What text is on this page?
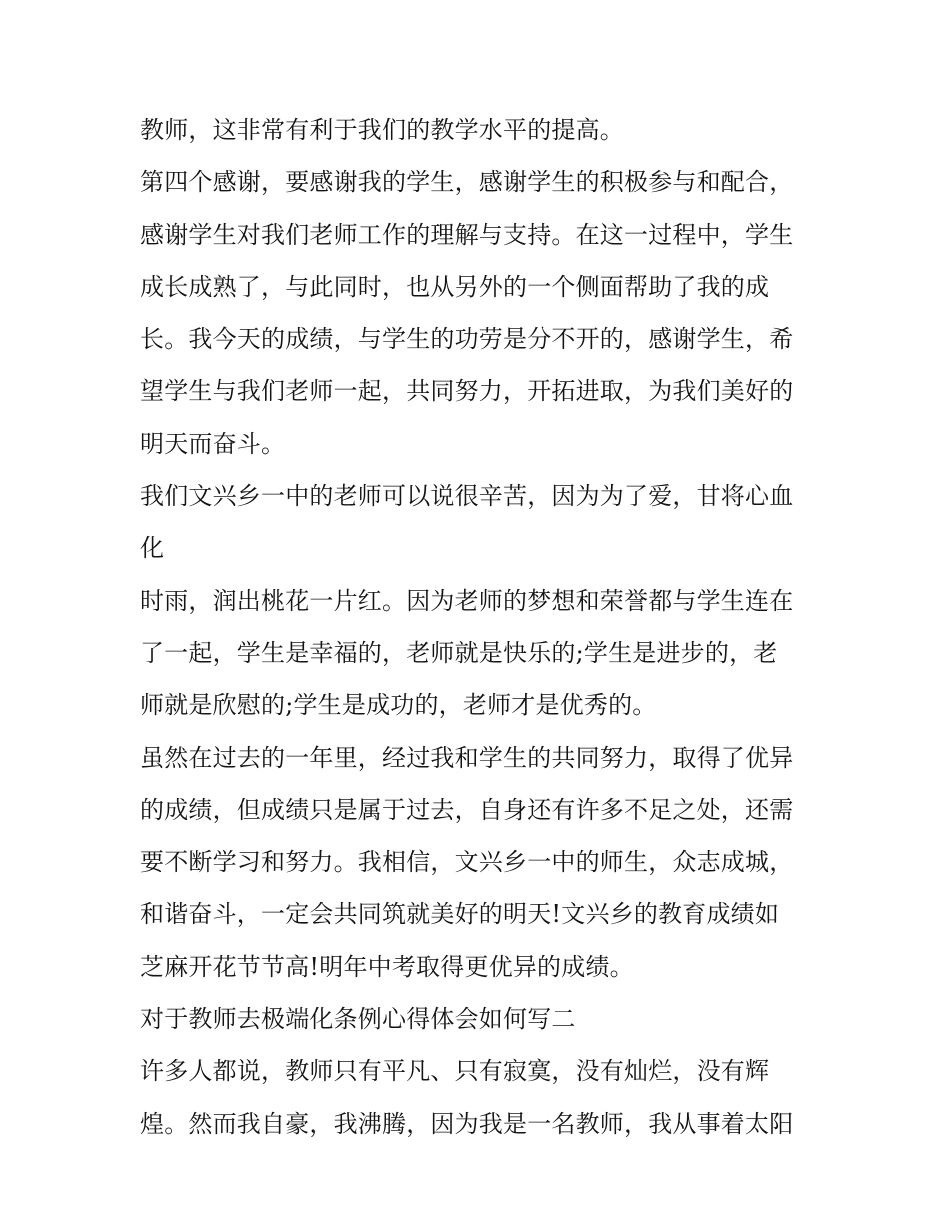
教师，这非常有利于我们的教学水平的提高。
第四个感谢，要感谢我的学生，感谢学生的积极参与和配合，
感谢学生对我们老师工作的理解与支持。在这一过程中，学生
成长成熟了，与此同时，也从另外的一个侧面帮助了我的成
长。我今天的成绩，与学生的功劳是分不开的，感谢学生，希
望学生与我们老师一起，共同努力，开拓进取，为我们美好的
明天而奋斗。
我们文兴乡一中的老师可以说很辛苦，因为为了爱，甘将心血
化
时雨，润出桃花一片红。因为老师的梦想和荣誉都与学生连在
了一起，学生是幸福的，老师就是快乐的;学生是进步的，老
师就是欣慰的;学生是成功的，老师才是优秀的。
虽然在过去的一年里，经过我和学生的共同努力，取得了优异
的成绩，但成绩只是属于过去，自身还有许多不足之处，还需
要不断学习和努力。我相信，文兴乡一中的师生，众志成城，
和谐奋斗，一定会共同筑就美好的明天!文兴乡的教育成绩如
芝麻开花节节高!明年中考取得更优异的成绩。
对于教师去极端化条例心得体会如何写二
许多人都说，教师只有平凡、只有寂寞，没有灿烂，没有辉
煌。然而我自豪，我沸腾，因为我是一名教师，我从事着太阳
